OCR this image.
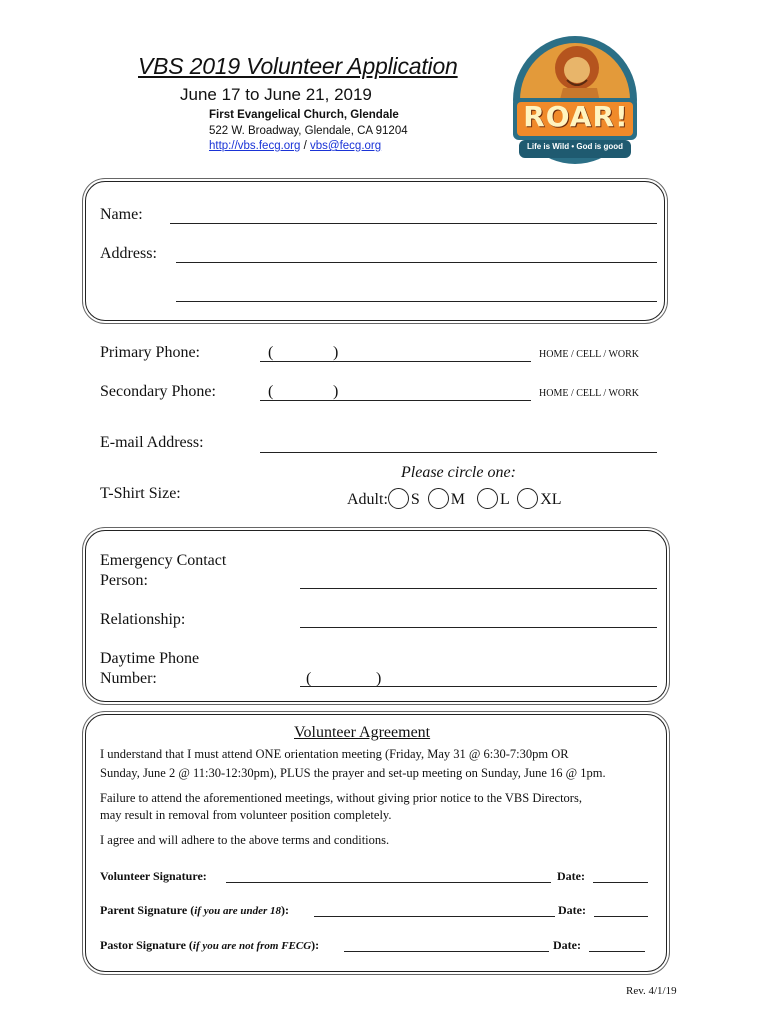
VBS 2019 Volunteer Application
June 17 to June 21, 2019
First Evangelical Church, Glendale
522 W. Broadway, Glendale, CA 91204
http://vbs.fecg.org / vbs@fecg.org
ROAR!
Life is Wild • God is good
Name:
Address:
Primary Phone:	(	)	HOME / CELL / WORK
Secondary Phone:	(	)	HOME / CELL / WORK
E-mail Address:
Please circle one:
T-Shirt Size:	Adult: S M L XL
Emergency Contact
Person:
Relationship:
Daytime Phone
Number:	(	)
Volunteer Agreement
I understand that I must attend ONE orientation meeting (Friday, May 31 @ 6:30-7:30pm OR
Sunday, June 2 @ 11:30-12:30pm), PLUS the prayer and set-up meeting on Sunday, June 16 @ 1pm.
Failure to attend the aforementioned meetings, without giving prior notice to the VBS Directors,
may result in removal from volunteer position completely.
I agree and will adhere to the above terms and conditions.
Volunteer Signature:	Date:
Parent Signature (if you are under 18):	Date:
Pastor Signature (if you are not from FECG):	Date:
Rev. 4/1/19
